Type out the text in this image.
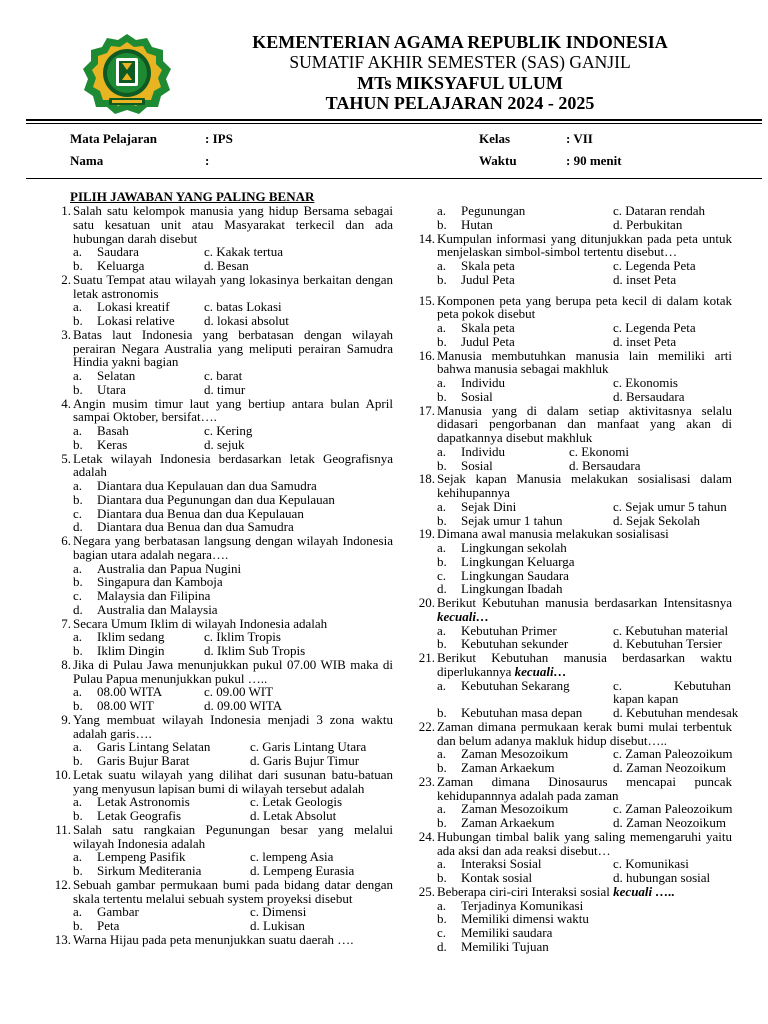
KEMENTERIAN AGAMA REPUBLIK INDONESIA
SUMATIF AKHIR SEMESTER (SAS) GANJIL
MTs MIKSYAFUL ULUM
TAHUN PELAJARAN 2024 - 2025
Mata Pelajaran	: IPS
Nama	:
Kelas	: VII
Waktu	: 90 menit
PILIH JAWABAN YANG PALING BENAR
1. Salah satu kelompok manusia yang hidup Bersama sebagai satu kesatuan unit atau Masyarakat terkecil dan ada hubungan darah disebut
a.	Saudara	c. Kakak tertua
b.	Keluarga	d. Besan
2. Suatu Tempat atau wilayah yang lokasinya berkaitan dengan letak astronomis
a.	Lokasi kreatif	c. batas Lokasi
b.	Lokasi relative	d. lokasi absolut
3. Batas laut Indonesia yang berbatasan dengan wilayah perairan Negara Australia yang meliputi perairan Samudra Hindia yakni bagian
a.	Selatan	c. barat
b.	Utara	d. timur
4. Angin musim timur laut yang bertiup antara bulan April sampai Oktober, bersifat….
a.	Basah	c. Kering
b.	Keras	d. sejuk
5. Letak wilayah Indonesia berdasarkan letak Geografisnya adalah
a.	Diantara dua Kepulauan dan dua Samudra
b.	Diantara dua Pegunungan dan dua Kepulauan
c.	Diantara dua Benua dan dua Kepulauan
d.	Diantara dua Benua dan dua Samudra
6. Negara yang berbatasan langsung dengan wilayah Indonesia bagian utara adalah negara….
a.	Australia dan Papua Nugini
b.	Singapura dan Kamboja
c.	Malaysia dan Filipina
d.	Australia dan Malaysia
7. Secara Umum Iklim di wilayah Indonesia adalah
a.	Iklim sedang	c. Iklim Tropis
b.	Iklim Dingin	d. Iklim Sub Tropis
8. Jika di Pulau Jawa menunjukkan pukul 07.00 WIB maka di Pulau Papua menunjukkan pukul …..
a.	08.00 WITA	c. 09.00 WIT
b.	08.00 WIT	d. 09.00 WITA
9. Yang membuat wilayah Indonesia menjadi 3 zona waktu adalah garis….
a.	Garis Lintang Selatan	c. Garis Lintang Utara
b.	Garis Bujur Barat	d. Garis Bujur Timur
10. Letak suatu wilayah yang dilihat dari susunan batu-batuan yang menyusun lapisan bumi di wilayah tersebut adalah
a.	Letak Astronomis	c. Letak Geologis
b.	Letak Geografis	d. Letak Absolut
11. Salah satu rangkaian Pegunungan besar yang melalui wilayah Indonesia adalah
a.	Lempeng Pasifik	c. lempeng Asia
b.	Sirkum Mediterania	d. Lempeng Eurasia
12. Sebuah gambar permukaan bumi pada bidang datar dengan skala tertentu melalui sebuah system proyeksi disebut
a.	Gambar	c. Dimensi
b.	Peta	d. Lukisan
13. Warna Hijau pada peta menunjukkan suatu daerah ….
a.	Pegunungan	c. Dataran rendah
b.	Hutan	d. Perbukitan
14. Kumpulan informasi yang ditunjukkan pada peta untuk menjelaskan simbol-simbol tertentu disebut…
a.	Skala peta	c. Legenda Peta
b.	Judul Peta	d. inset Peta
15. Komponen peta yang berupa peta kecil di dalam kotak peta pokok disebut
a.	Skala peta	c. Legenda Peta
b.	Judul Peta	d. inset Peta
16. Manusia membutuhkan manusia lain memiliki arti bahwa manusia sebagai makhluk
a.	Individu	c. Ekonomis
b.	Sosial	d. Bersaudara
17. Manusia yang di dalam setiap aktivitasnya selalu didasari pengorbanan dan manfaat yang akan di dapatkannya disebut makhluk
a.	Individu	c. Ekonomi
b.	Sosial	d. Bersaudara
18. Sejak kapan Manusia melakukan sosialisasi dalam kehihupannya
a.	Sejak Dini	c. Sejak umur 5 tahun
b.	Sejak umur 1 tahun	d. Sejak Sekolah
19. Dimana awal manusia melakukan sosialisasi
a.	Lingkungan sekolah
b.	Lingkungan Keluarga
c.	Lingkungan Saudara
d.	Lingkungan Ibadah
20. Berikut Kebutuhan manusia berdasarkan Intensitasnya kecuali…
a.	Kebutuhan Primer	c. Kebutuhan material
b.	Kebutuhan sekunder	d. Kebutuhan Tersier
21. Berikut Kebutuhan manusia berdasarkan waktu diperlukannya kecuali…
a.	Kebutuhan Sekarang	c.     Kebutuhan     kapan kapan
b.	Kebutuhan masa depan	d. Kebutuhan mendesak
22. Zaman dimana permukaan kerak bumi mulai terbentuk dan belum adanya makluk hidup disebut…..
a.	Zaman Mesozoikum	c. Zaman Paleozoikum
b.	Zaman Arkaekum	d. Zaman Neozoikum
23. Zaman dimana Dinosaurus mencapai puncak kehidupannnya adalah pada zaman
a.	Zaman Mesozoikum	c. Zaman Paleozoikum
b.	Zaman Arkaekum	d. Zaman Neozoikum
24. Hubungan timbal balik yang saling memengaruhi yaitu ada aksi dan ada reaksi disebut…
a.	Interaksi Sosial	c. Komunikasi
b.	Kontak sosial	d. hubungan sosial
25. Beberapa ciri-ciri Interaksi sosial kecuali …..
a.	Terjadinya Komunikasi
b.	Memiliki dimensi waktu
c.	Memiliki saudara
d.	Memiliki Tujuan
